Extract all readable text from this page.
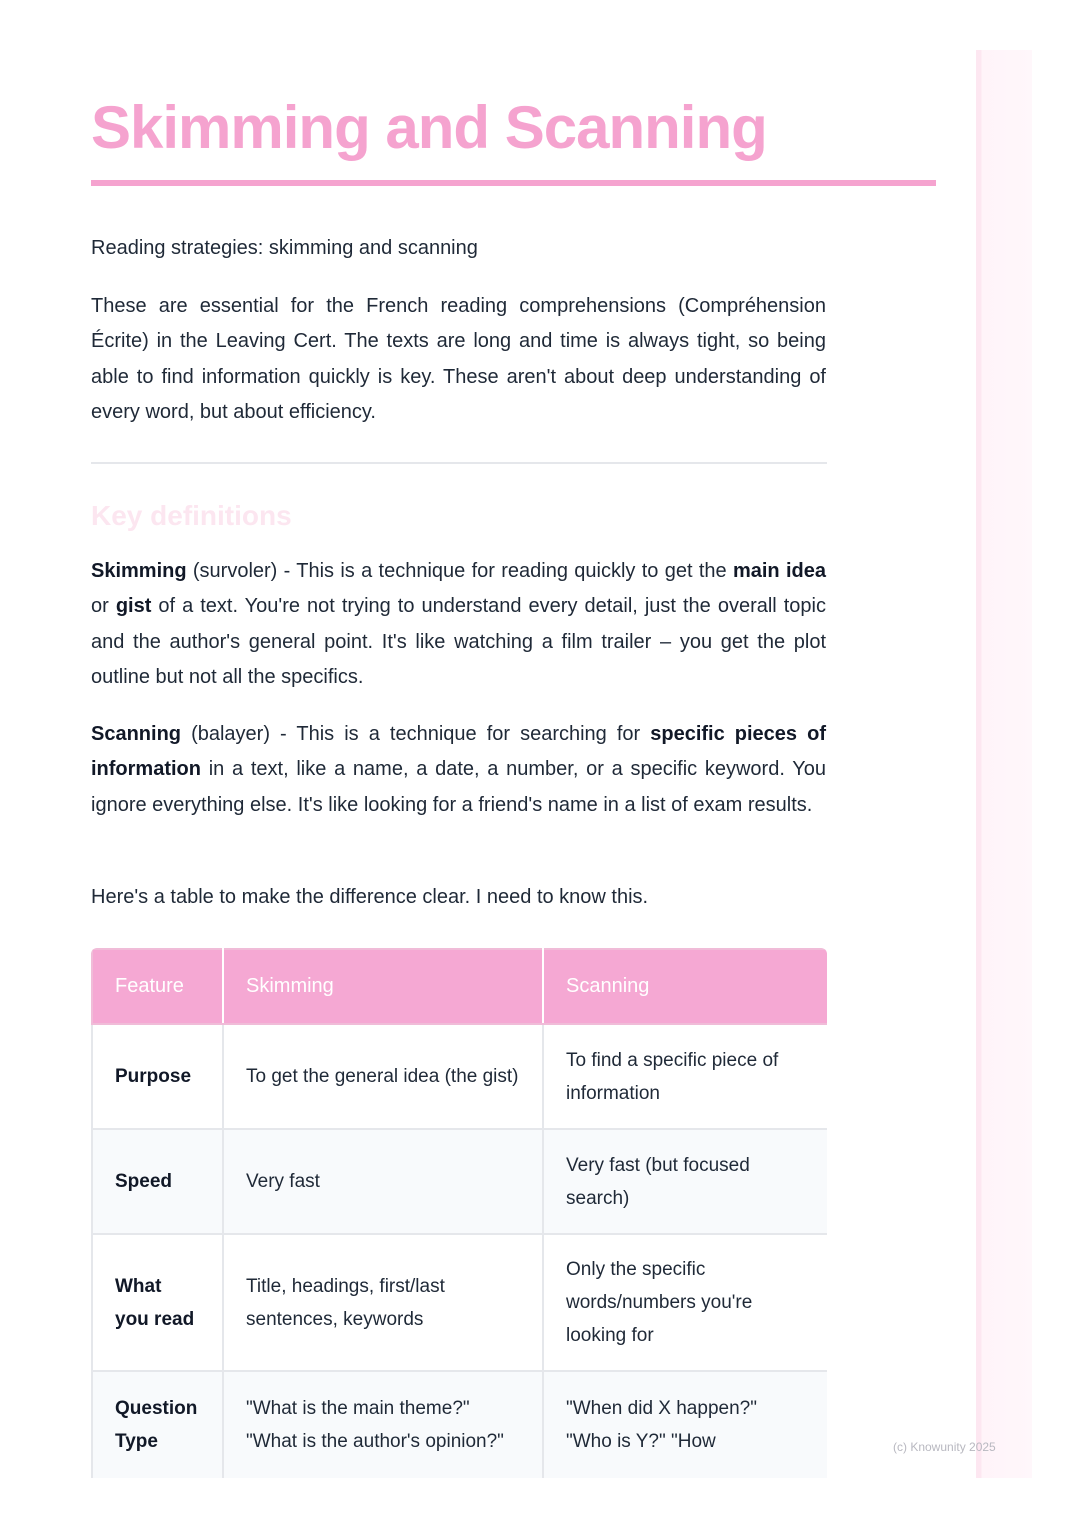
Skimming and Scanning

Reading strategies: skimming and scanning

These are essential for the French reading comprehensions (Compréhension Écrite) in the Leaving Cert. The texts are long and time is always tight, so being able to find information quickly is key. These aren't about deep understanding of every word, but about efficiency.

Key definitions

Skimming (survoler) - This is a technique for reading quickly to get the main idea or gist of a text. You're not trying to understand every detail, just the overall topic and the author's general point. It's like watching a film trailer – you get the plot outline but not all the specifics.

Scanning (balayer) - This is a technique for searching for specific pieces of information in a text, like a name, a date, a number, or a specific keyword. You ignore everything else. It's like looking for a friend's name in a list of exam results.

Here's a table to make the difference clear. I need to know this.

Feature	Skimming	Scanning
Purpose	To get the general idea (the gist)	To find a specific piece of information
Speed	Very fast	Very fast (but focused search)
What you read	Title, headings, first/last sentences, keywords	Only the specific words/numbers you're looking for
Question Type	"What is the main theme?" "What is the author's opinion?"	"When did X happen?" "Who is Y?" "How	(c) Knowunity 2025
